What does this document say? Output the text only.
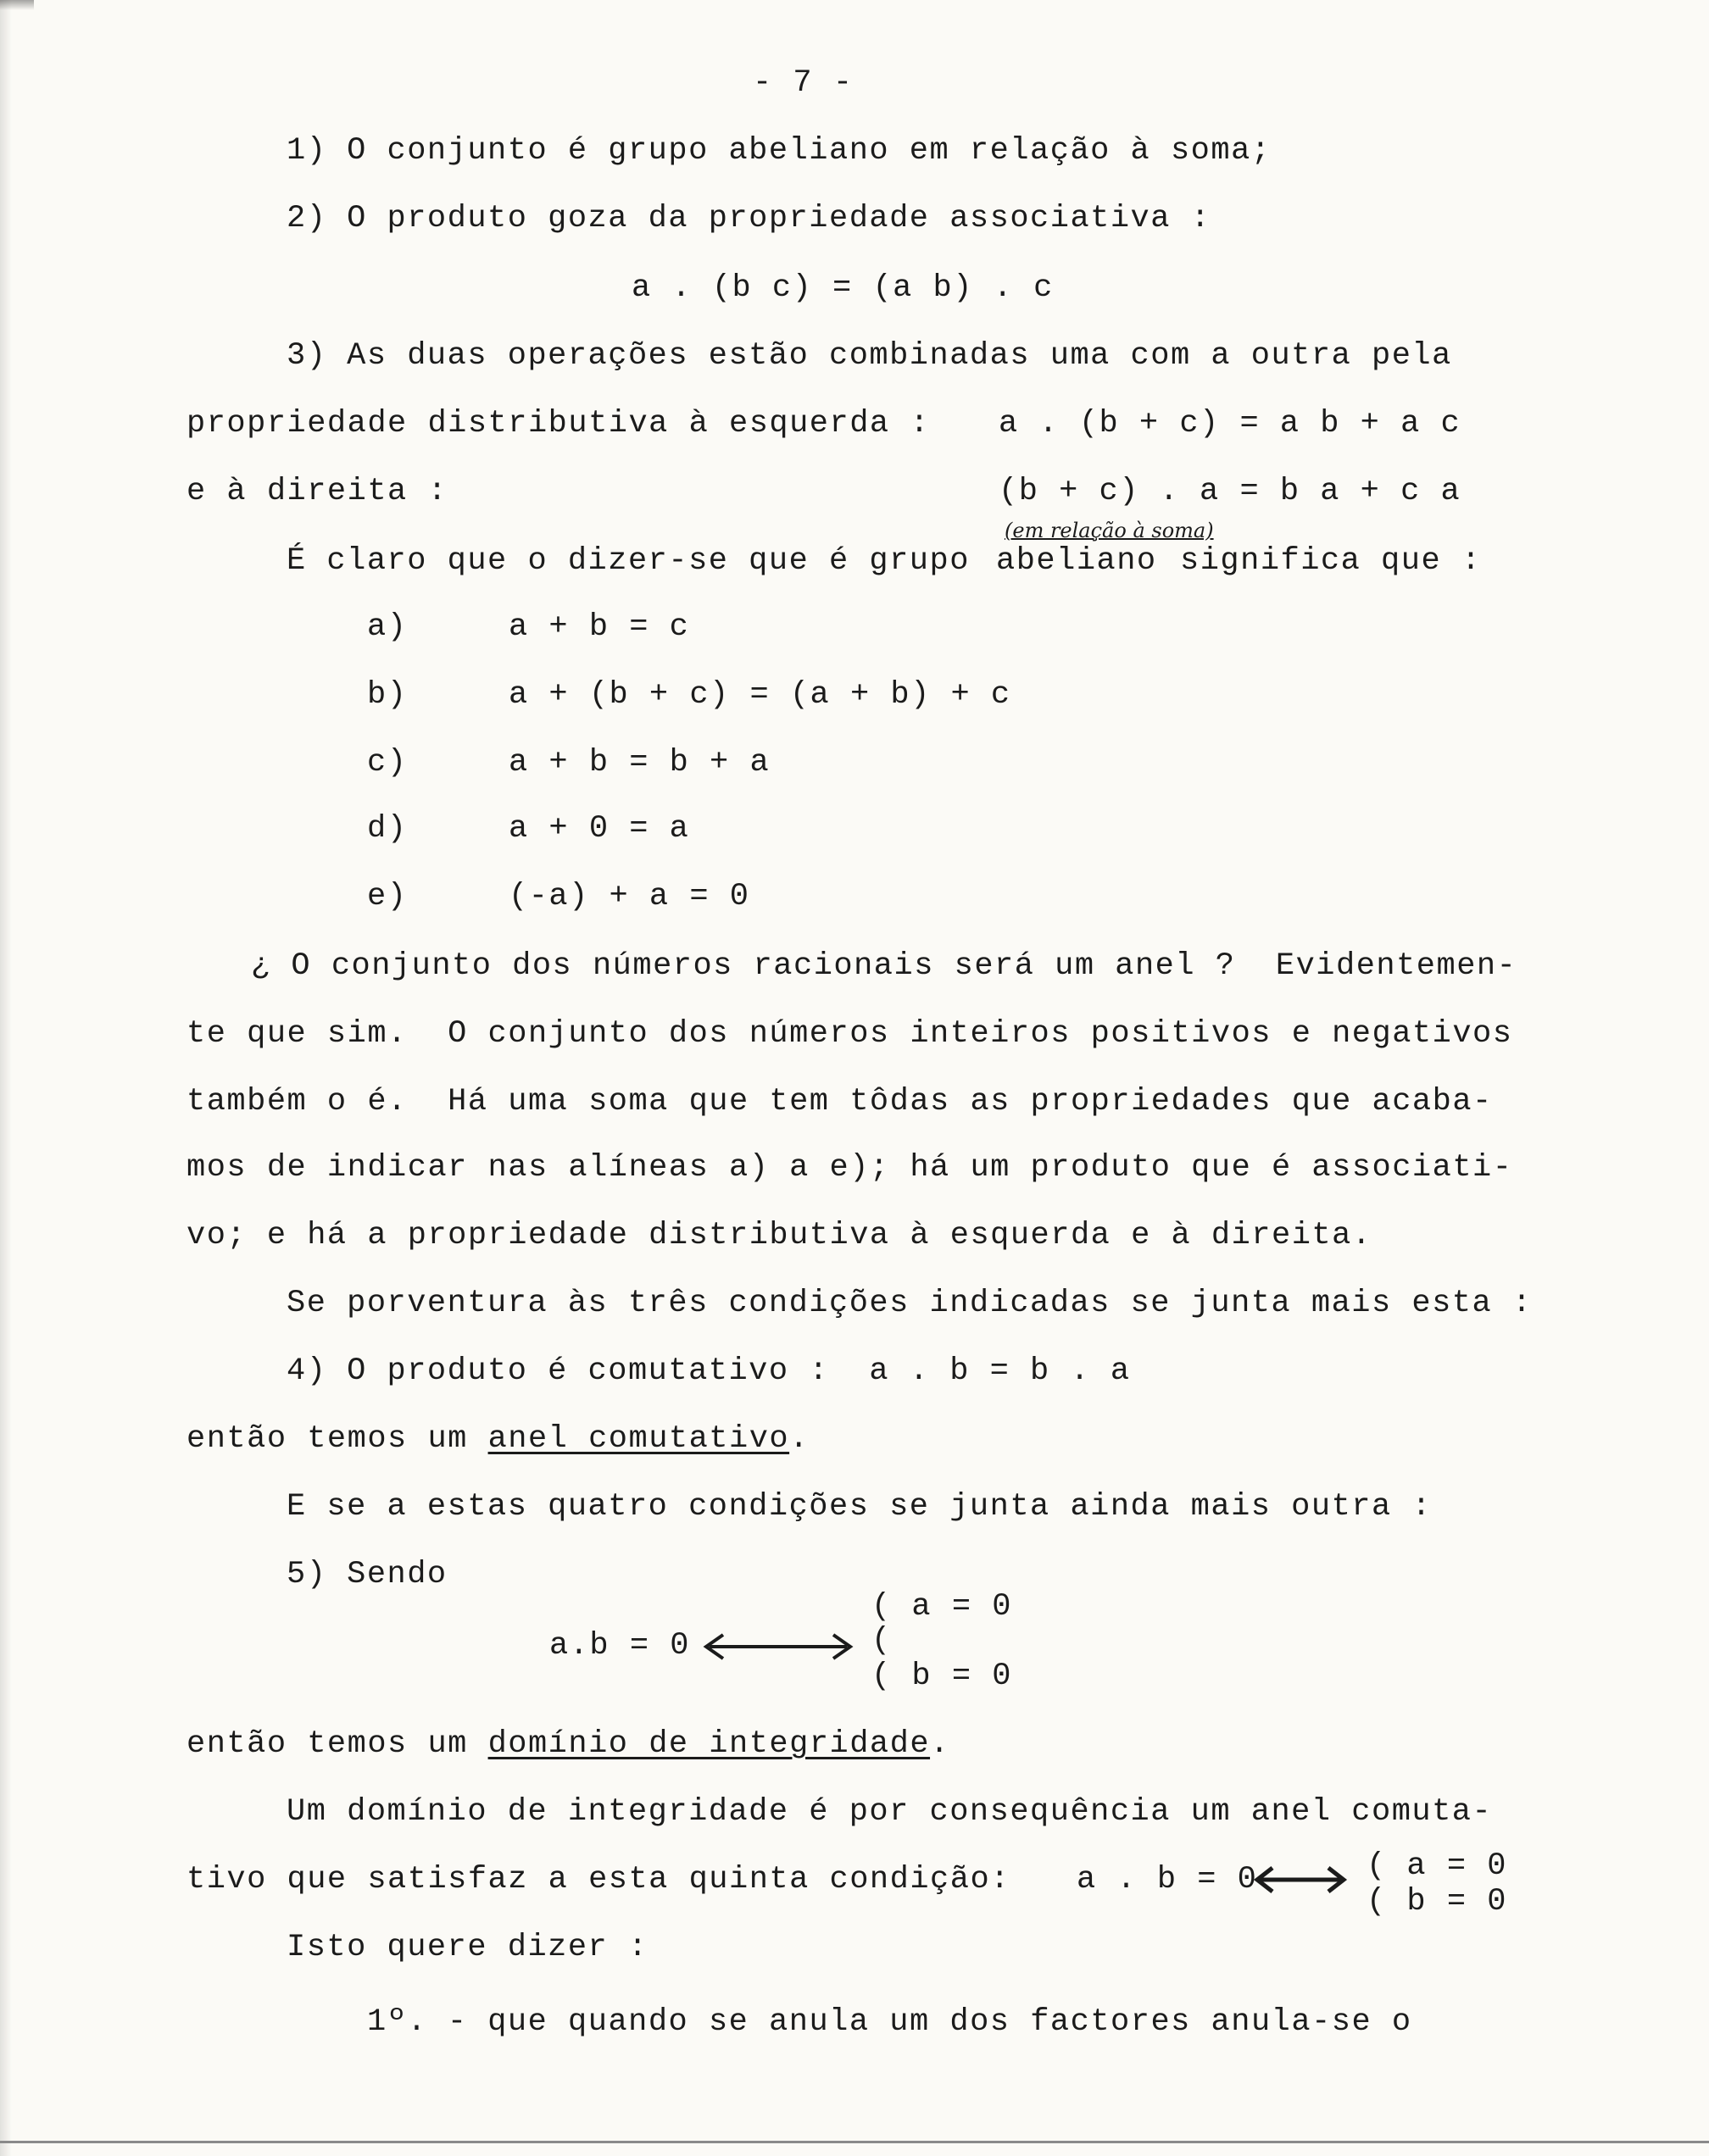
- 7 -
1) O conjunto é grupo abeliano em relação à soma;
2) O produto goza da propriedade associativa :
a . (b c) = (a b) . c
3) As duas operações estão combinadas uma com a outra pela
propriedade distributiva à esquerda : a . (b + c) = a b + a c
e à direita :	(b + c) . a = b a + c a
(em relação à soma)
É claro que o dizer-se que é grupo abeliano significa que :
a)	a + b = c
b)	a + (b + c) = (a + b) + c
c)	a + b = b + a
d)	a + 0 = a
e)	(-a) + a = 0
¿ O conjunto dos números racionais será um anel ?  Evidentemen-
te que sim.  O conjunto dos números inteiros positivos e negativos
também o é.  Há uma soma que tem tôdas as propriedades que acaba-
mos de indicar nas alíneas a) a e); há um produto que é associati-
vo; e há a propriedade distributiva à esquerda e à direita.
Se porventura às três condições indicadas se junta mais esta :
4) O produto é comutativo :  a . b = b . a
então temos um anel comutativo.
E se a estas quatro condições se junta ainda mais outra :
5) Sendo
a.b = 0
( a = 0
(
( b = 0
então temos um domínio de integridade.
Um domínio de integridade é por consequência um anel comuta-
tivo que satisfaz a esta quinta condição: a . b = 0	( a = 0
( b = 0
Isto quere dizer :
1º. - que quando se anula um dos factores anula-se o
